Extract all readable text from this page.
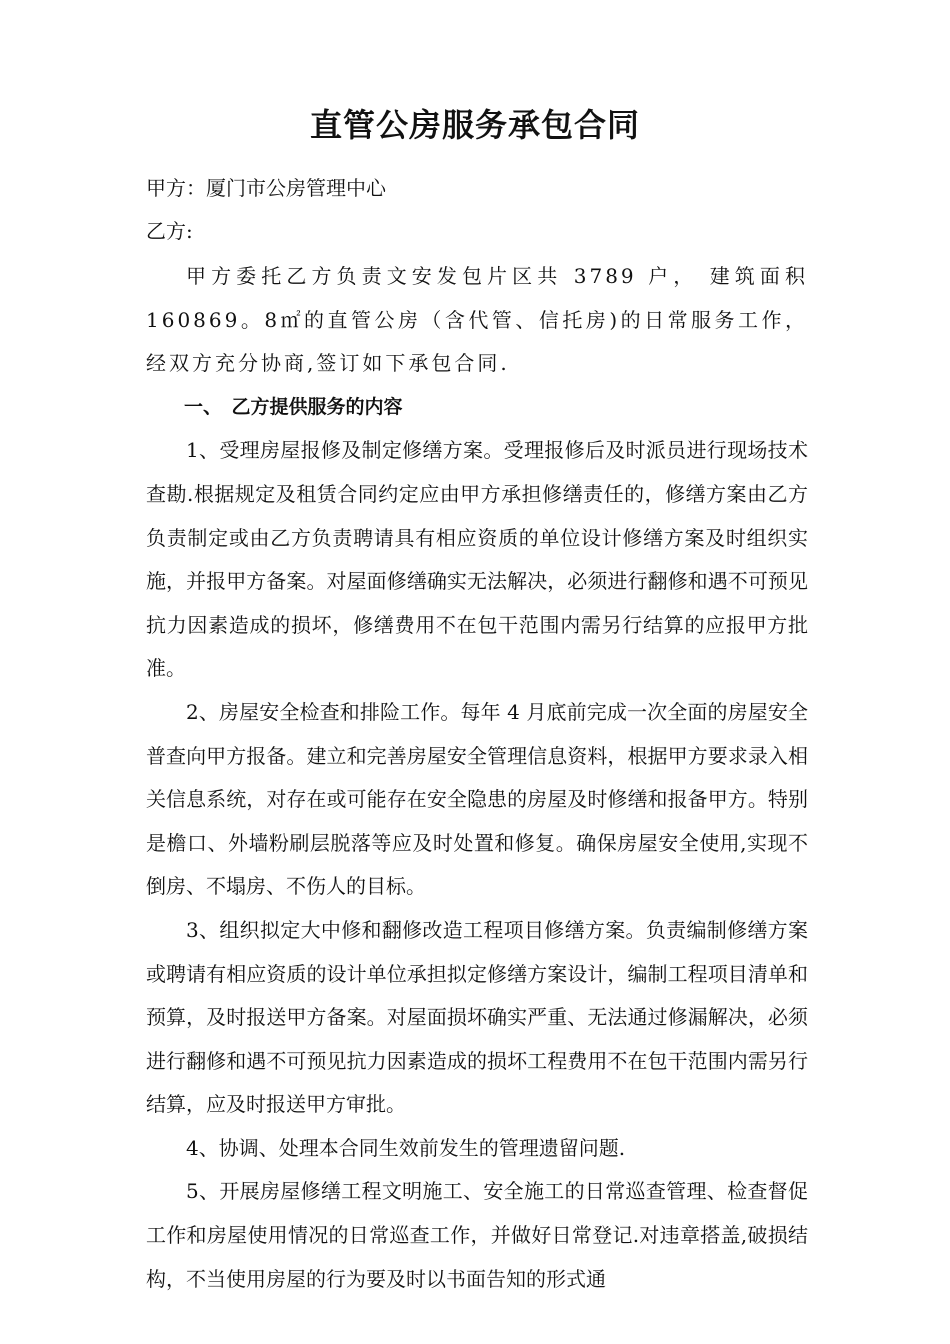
直管公房服务承包合同
甲方：厦门市公房管理中心
乙方:

甲方委托乙方负责文安发包片区共 3789 户， 建筑面积 160869。8㎡的直管公房（含代管、信托房)的日常服务工作，经双方充分协商,签订如下承包合同.

一、　乙方提供服务的内容

1、受理房屋报修及制定修缮方案。受理报修后及时派员进行现场技术查勘.根据规定及租赁合同约定应由甲方承担修缮责任的，修缮方案由乙方负责制定或由乙方负责聘请具有相应资质的单位设计修缮方案及时组织实施，并报甲方备案。对屋面修缮确实无法解决，必须进行翻修和遇不可预见抗力因素造成的损坏，修缮费用不在包干范围内需另行结算的应报甲方批准。

2、房屋安全检查和排险工作。每年 4 月底前完成一次全面的房屋安全普查向甲方报备。建立和完善房屋安全管理信息资料，根据甲方要求录入相关信息系统，对存在或可能存在安全隐患的房屋及时修缮和报备甲方。特别是檐口、外墙粉刷层脱落等应及时处置和修复。确保房屋安全使用,实现不倒房、不塌房、不伤人的目标。

3、组织拟定大中修和翻修改造工程项目修缮方案。负责编制修缮方案或聘请有相应资质的设计单位承担拟定修缮方案设计，编制工程项目清单和预算，及时报送甲方备案。对屋面损坏确实严重、无法通过修漏解决，必须进行翻修和遇不可预见抗力因素造成的损坏工程费用不在包干范围内需另行结算，应及时报送甲方审批。

4、协调、处理本合同生效前发生的管理遗留问题.

5、开展房屋修缮工程文明施工、安全施工的日常巡查管理、检查督促工作和房屋使用情况的日常巡查工作，并做好日常登记.对违章搭盖,破损结构，不当使用房屋的行为要及时以书面告知的形式通
